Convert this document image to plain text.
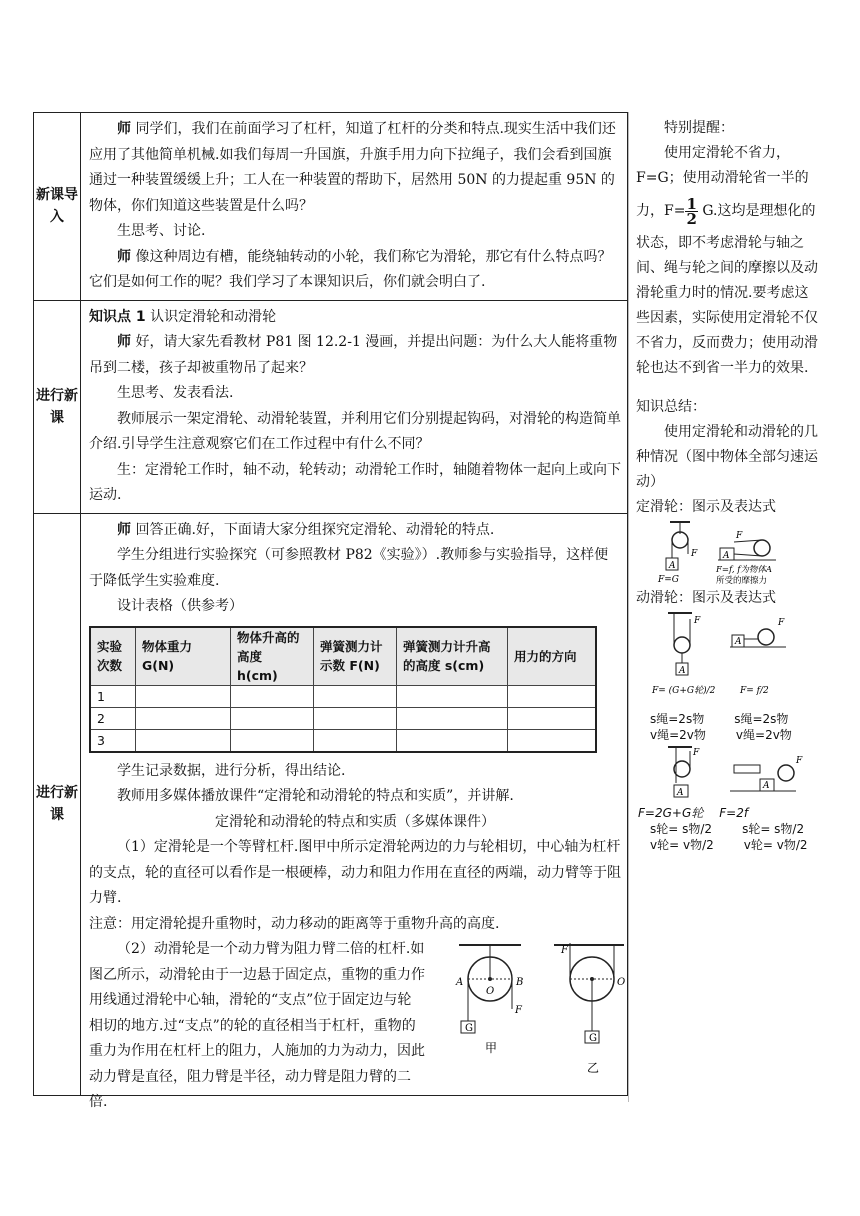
新课导入	

师 同学们，我们在前面学习了杠杆，知道了杠杆的分类和特点.现实生活中我们还应用了其他简单机械.如我们每周一升国旗，升旗手用力向下拉绳子，我们会看到国旗通过一种装置缓缓上升；工人在一种装置的帮助下，居然用 50N 的力提起重 95N 的物体，你们知道这些装置是什么吗？

生思考、讨论.

师 像这种周边有槽，能绕轴转动的小轮，我们称它为滑轮，那它有什么特点吗？它们是如何工作的呢？我们学习了本课知识后，你们就会明白了.

进行新课	

知识点 1 认识定滑轮和动滑轮

师 好，请大家先看教材 P81 图 12.2-1 漫画，并提出问题：为什么大人能将重物吊到二楼，孩子却被重物吊了起来？

生思考、发表看法.

教师展示一架定滑轮、动滑轮装置，并利用它们分别提起钩码，对滑轮的构造简单介绍.引导学生注意观察它们在工作过程中有什么不同？

生：定滑轮工作时，轴不动，轮转动；动滑轮工作时，轴随着物体一起向上或向下运动.

进行新课	

师 回答正确.好，下面请大家分组探究定滑轮、动滑轮的特点.

学生分组进行实验探究（可参照教材 P82《实验》）.教师参与实验指导，这样便于降低学生实验难度.

设计表格（供参考）

实验次数	物体重力 G(N)	物体升高的高度 h(cm)	弹簧测力计示数 F(N)	弹簧测力计升高的高度 s(cm)	用力的方向
1					
2					
3					

学生记录数据，进行分析，得出结论.

教师用多媒体播放课件“定滑轮和动滑轮的特点和实质”，并讲解.

定滑轮和动滑轮的特点和实质（多媒体课件）

（1）定滑轮是一个等臂杠杆.图甲中所示定滑轮两边的力与轮相切，中心轴为杠杆的支点，轮的直径可以看作是一根硬棒，动力和阻力作用在直径的两端，动力臂等于阻力臂.

注意：用定滑轮提升重物时，动力移动的距离等于重物升高的高度.

（2）动滑轮是一个动力臂为阻力臂二倍的杠杆.如图乙所示，动滑轮由于一边悬于固定点，重物的重力作用线通过滑轮中心轴，滑轮的“支点”位于固定边与轮相切的地方.过“支点”的轮的直径相当于杠杆，重物的重力为作用在杠杆上的阻力，人施加的力为动力，因此动力臂是直径，阻力臂是半径，动力臂是阻力臂的二倍.

G
A	B
O
F
甲
G
F
O
乙

特别提醒：

使用定滑轮不省力，F=G；使用动滑轮省一半的

力，$F= \frac{1}{2} G$.这均是理想化的

状态，即不考虑滑轮与轴之间、绳与轮之间的摩擦以及动滑轮重力时的情况.要考虑这些因素，实际使用定滑轮不仅不省力，反而费力；使用动滑轮也达不到省一半力的效果.

知识总结：

使用定滑轮和动滑轮的几种情况（图中物体全部匀速运动）

定滑轮：图示及表达式

A
F
F=G
A
F
F=f, f为物体A
所受的摩擦力

动滑轮：图示及表达式

A
F
F= (G+G轮)/2
A
F
F= f/2

s绳=2s物	s绳=2s物

v绳=2v物	v绳=2v物

A
F
A
F

F=2G+G轮 F=2f

s轮= s物/2	s轮= s物/2

v轮= v物/2	v轮= v物/2
